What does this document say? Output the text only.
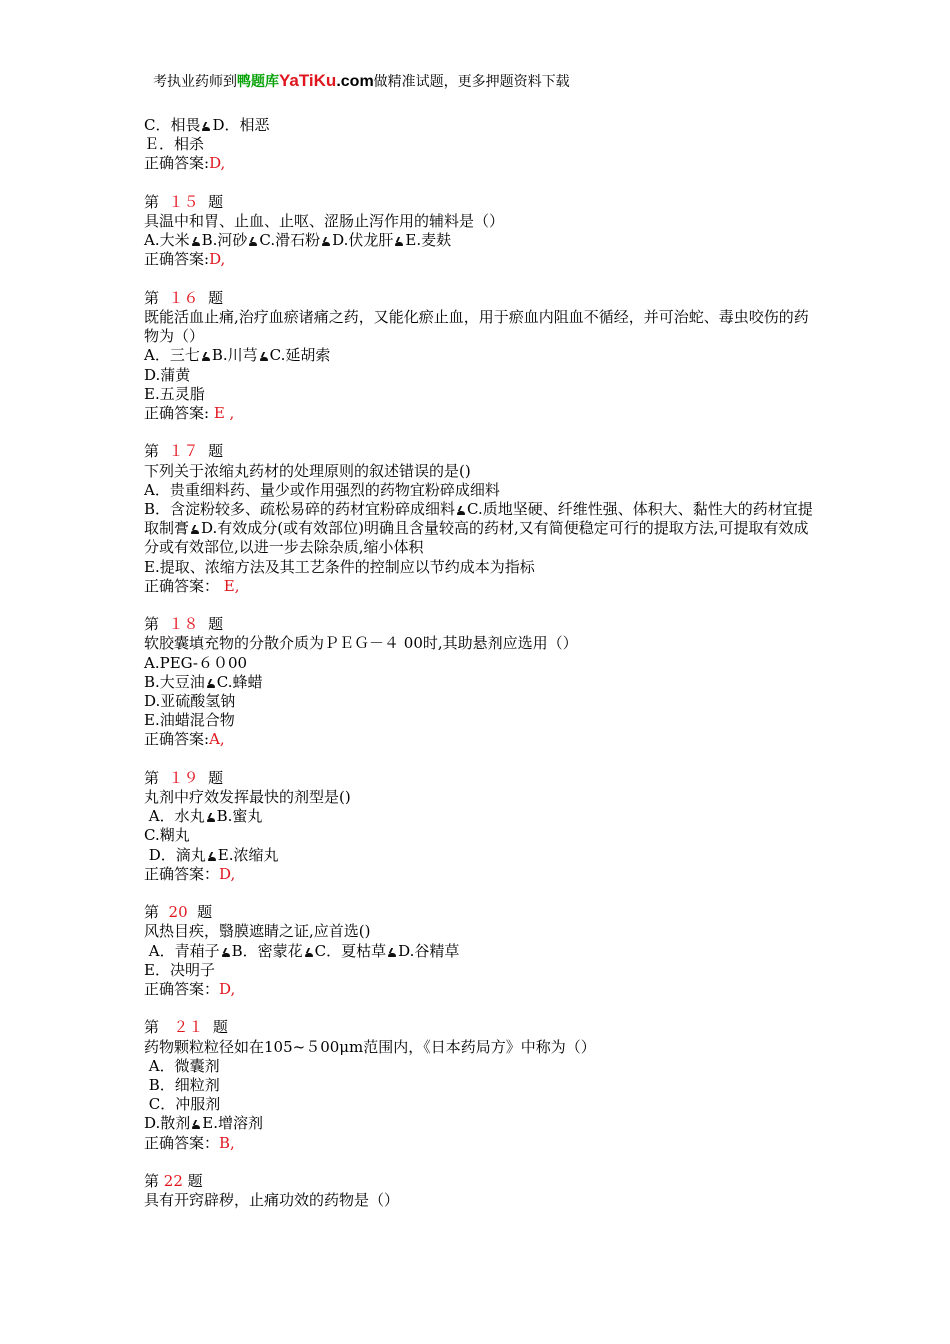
考执业药师到鸭题库YaTiKu.com做精准试题，更多押题资料下载
C．相畏 D．相恶
Ｅ．相杀
正确答案:D,
第  １５  题
具温中和胃、止血、止呕、涩肠止泻作用的辅料是（）
A.大米 B.河砂 C.滑石粉 D.伏龙肝 E.麦麸
正确答案:D,
第  １６  题
既能活血止痛,治疗血瘀诸痛之药，又能化瘀止血，用于瘀血内阻血不循经，并可治蛇、毒虫咬伤的药物为（）
A．三七 B.川芎 C.延胡索
D.蒲黄
E.五灵脂
正确答案: E ,
第  １７  题
下列关于浓缩丸药材的处理原则的叙述错误的是()
A．贵重细料药、量少或作用强烈的药物宜粉碎成细料
B．含淀粉较多、疏松易碎的药材宜粉碎成细料 C.质地坚硬、纤维性强、体积大、黏性大的药材宜提取制膏 D.有效成分(或有效部位)明确且含量较高的药材,又有简便稳定可行的提取方法,可提取有效成分或有效部位,以进一步去除杂质,缩小体积
E.提取、浓缩方法及其工艺条件的控制应以节约成本为指标
正确答案： E,
第  １８  题
软胶囊填充物的分散介质为ＰＥＧ－４ 00时,其助悬剂应选用（）
A.PEG-６０00
B.大豆油 C.蜂蜡
D.亚硫酸氢钠
E.油蜡混合物
正确答案:A,
第  １９  题
丸剂中疗效发挥最快的剂型是()
A．水丸 B.蜜丸
C.糊丸
D．滴丸 E.浓缩丸
正确答案：D,
第  20  题
风热目疾，翳膜遮睛之证,应首选()
A．青葙子 B．密蒙花 C．夏枯草 D.谷精草
E．决明子
正确答案：D,
第   ２１  题
药物颗粒粒径如在105~５00μm范围内，《日本药局方》中称为（）
A．微囊剂
B．细粒剂
C．冲服剂
D.散剂 E.增溶剂
正确答案：B,
第 22 题
具有开窍辟秽，止痛功效的药物是（）
